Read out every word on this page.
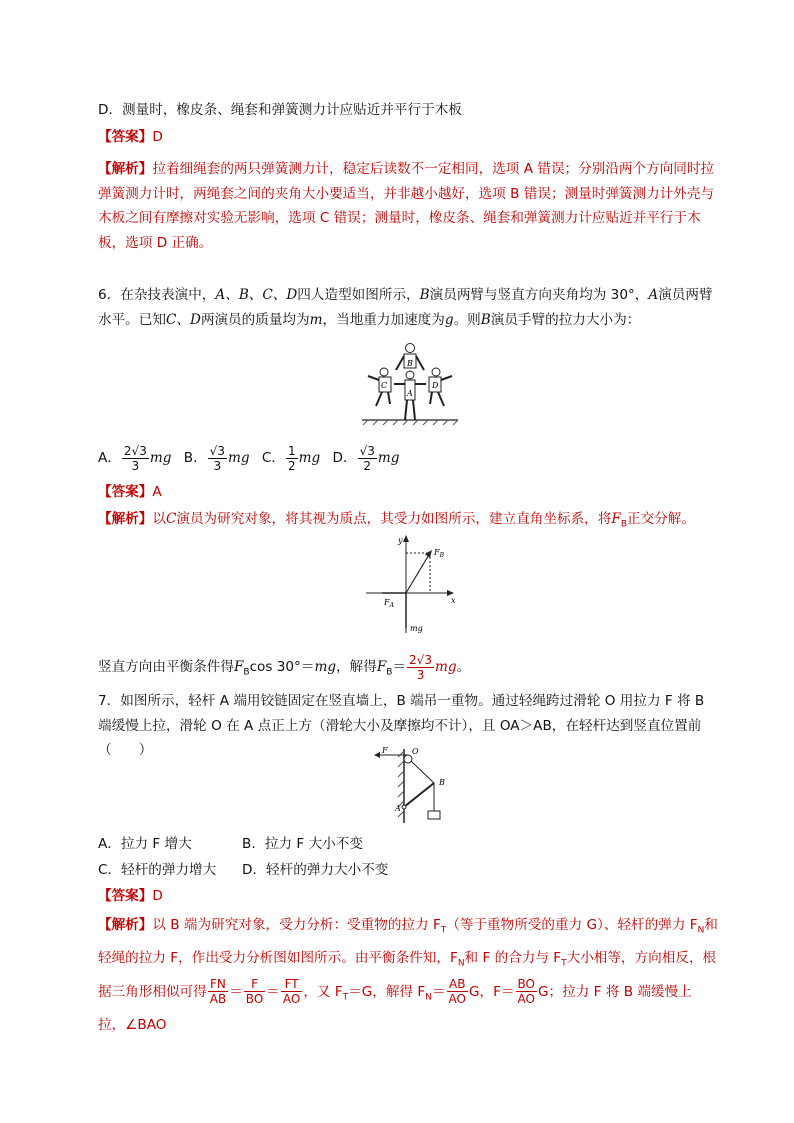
D．测量时，橡皮条、绳套和弹簧测力计应贴近并平行于木板
【答案】D
【解析】拉着细绳套的两只弹簧测力计，稳定后读数不一定相同，选项 A 错误；分别沿两个方向同时拉弹簧测力计时，两绳套之间的夹角大小要适当，并非越小越好，选项 B 错误；测量时弹簧测力计外壳与木板之间有摩擦对实验无影响，选项 C 错误；测量时，橡皮条、绳套和弹簧测力计应贴近并平行于木板，选项 D 正确。
6．在杂技表演中，A、B、C、D四人造型如图所示，B演员两臂与竖直方向夹角均为 30°，A演员两臂水平。已知C、D两演员的质量均为m，当地重力加速度为g。则B演员手臂的拉力大小为：
B
C
A
D
A． $\frac{2√3}{3}$ mg B． $\frac{√3}{3}$ mg C． $\frac{1}{2}$ mg D． $\frac{√3}{2}$ mg
【答案】A
【解析】以C演员为研究对象，将其视为质点，其受力如图所示，建立直角坐标系，将$F_B$正交分解。
y
x
$F_B$
$F_A$
mg
竖直方向由平衡条件得$F_B\cos$ 30°＝mg，解得$F_B= \frac{2√3}{3}$ mg。
7．如图所示，轻杆 A 端用铰链固定在竖直墙上，B 端吊一重物。通过轻绳跨过滑轮 O 用拉力 F 将 B 端缓慢上拉，滑轮 O 在 A 点正上方（滑轮大小及摩擦均不计），且 OA＞AB，在轻杆达到竖直位置前（　　）	F	O
B
A
A．拉力 F 增大	B．拉力 F 大小不变
C．轻杆的弹力增大 D．轻杆的弹力大小不变
【答案】D
【解析】以 B 端为研究对象，受力分析：受重物的拉力 $F_T$（等于重物所受的重力 G）、轻杆的弹力 $F_N$和轻绳的拉力 F，作出受力分析图如图所示。由平衡条件知，$F_N$和 F 的合力与 $F_T$大小相等，方向相反，根据三角形相似可得 $\frac{FN}{AB} = \frac{F}{BO} = \frac{FT}{AO}$ ，又 $F_T=G$，解得 $F_N= \frac{AB}{AO}$ G，$F= \frac{BO}{AO}$ G；拉力 F 将 B 端缓慢上拉，∠BAO
